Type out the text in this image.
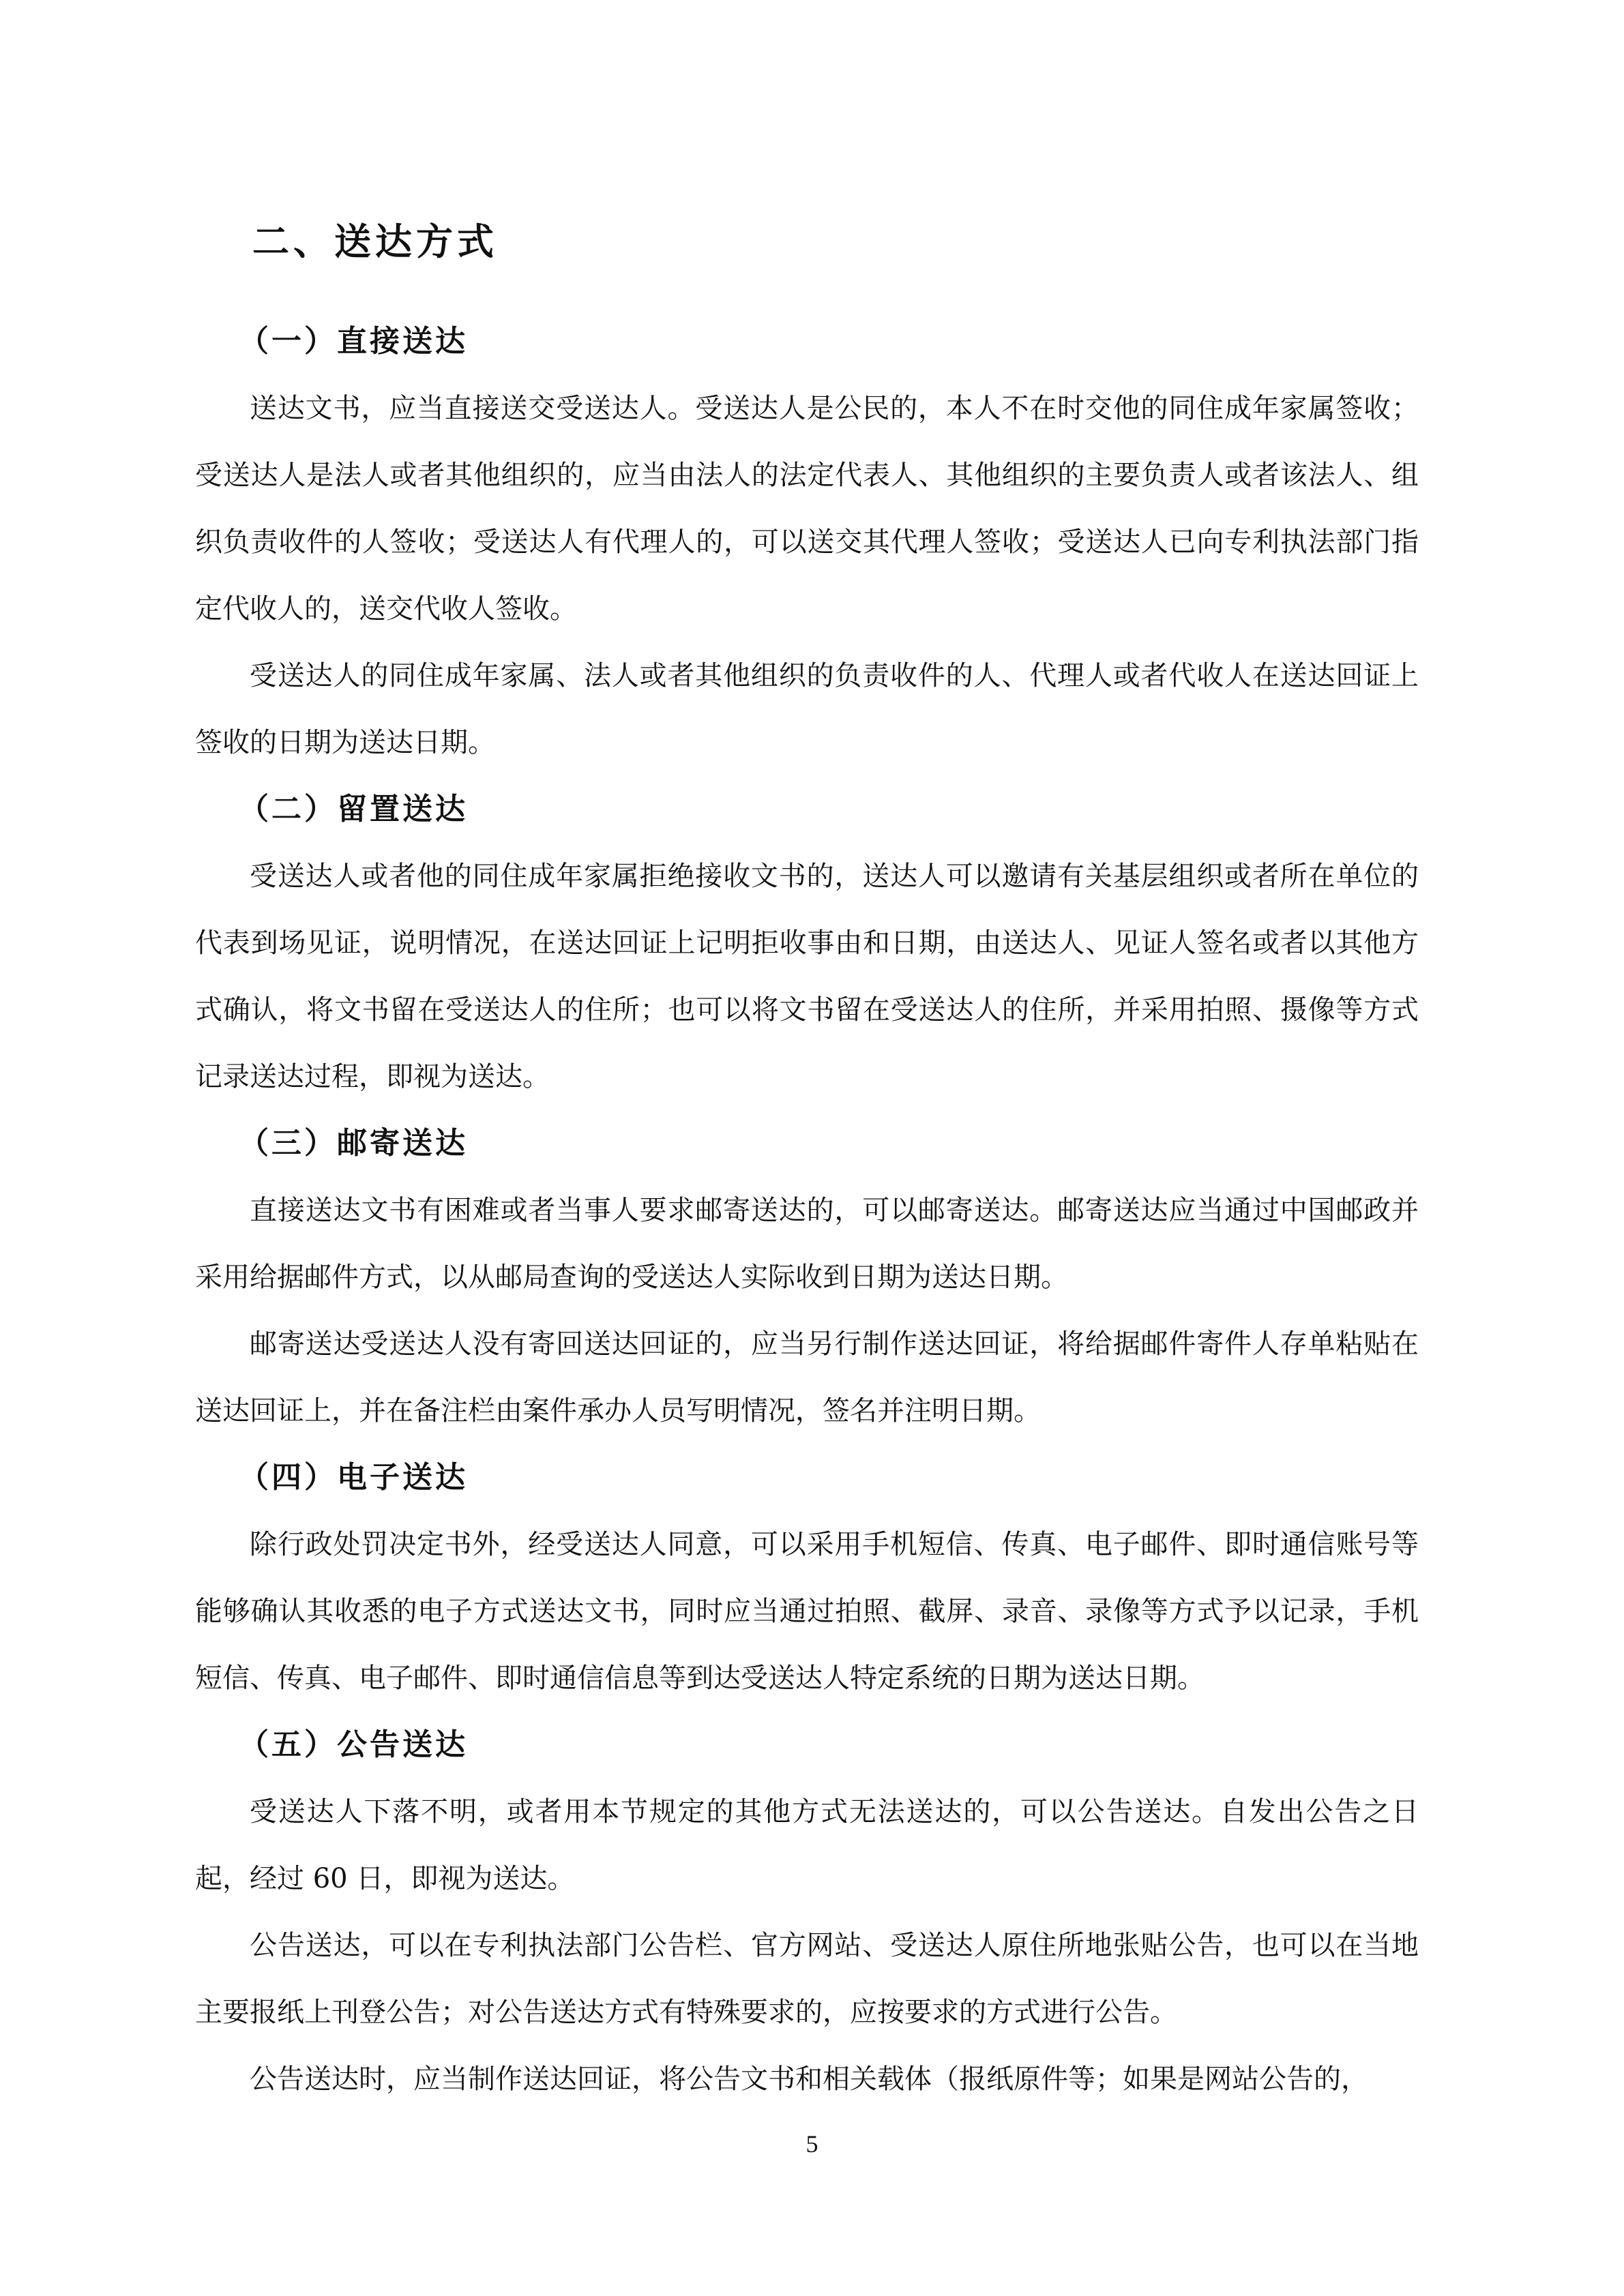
二、送达方式
（一）直接送达

送达文书，应当直接送交受送达人。受送达人是公民的，本人不在时交他的同住成年家属签收；受送达人是法人或者其他组织的，应当由法人的法定代表人、其他组织的主要负责人或者该法人、组织负责收件的人签收；受送达人有代理人的，可以送交其代理人签收；受送达人已向专利执法部门指定代收人的，送交代收人签收。

受送达人的同住成年家属、法人或者其他组织的负责收件的人、代理人或者代收人在送达回证上签收的日期为送达日期。

（二）留置送达

受送达人或者他的同住成年家属拒绝接收文书的，送达人可以邀请有关基层组织或者所在单位的代表到场见证，说明情况，在送达回证上记明拒收事由和日期，由送达人、见证人签名或者以其他方式确认，将文书留在受送达人的住所；也可以将文书留在受送达人的住所，并采用拍照、摄像等方式记录送达过程，即视为送达。

（三）邮寄送达

直接送达文书有困难或者当事人要求邮寄送达的，可以邮寄送达。邮寄送达应当通过中国邮政并采用给据邮件方式，以从邮局查询的受送达人实际收到日期为送达日期。

邮寄送达受送达人没有寄回送达回证的，应当另行制作送达回证，将给据邮件寄件人存单粘贴在送达回证上，并在备注栏由案件承办人员写明情况，签名并注明日期。

（四）电子送达

除行政处罚决定书外，经受送达人同意，可以采用手机短信、传真、电子邮件、即时通信账号等能够确认其收悉的电子方式送达文书，同时应当通过拍照、截屏、录音、录像等方式予以记录，手机短信、传真、电子邮件、即时通信信息等到达受送达人特定系统的日期为送达日期。

（五）公告送达

受送达人下落不明，或者用本节规定的其他方式无法送达的，可以公告送达。自发出公告之日起，经过 60 日，即视为送达。

公告送达，可以在专利执法部门公告栏、官方网站、受送达人原住所地张贴公告，也可以在当地主要报纸上刊登公告；对公告送达方式有特殊要求的，应按要求的方式进行公告。

公告送达时，应当制作送达回证，将公告文书和相关载体（报纸原件等；如果是网站公告的，

5
